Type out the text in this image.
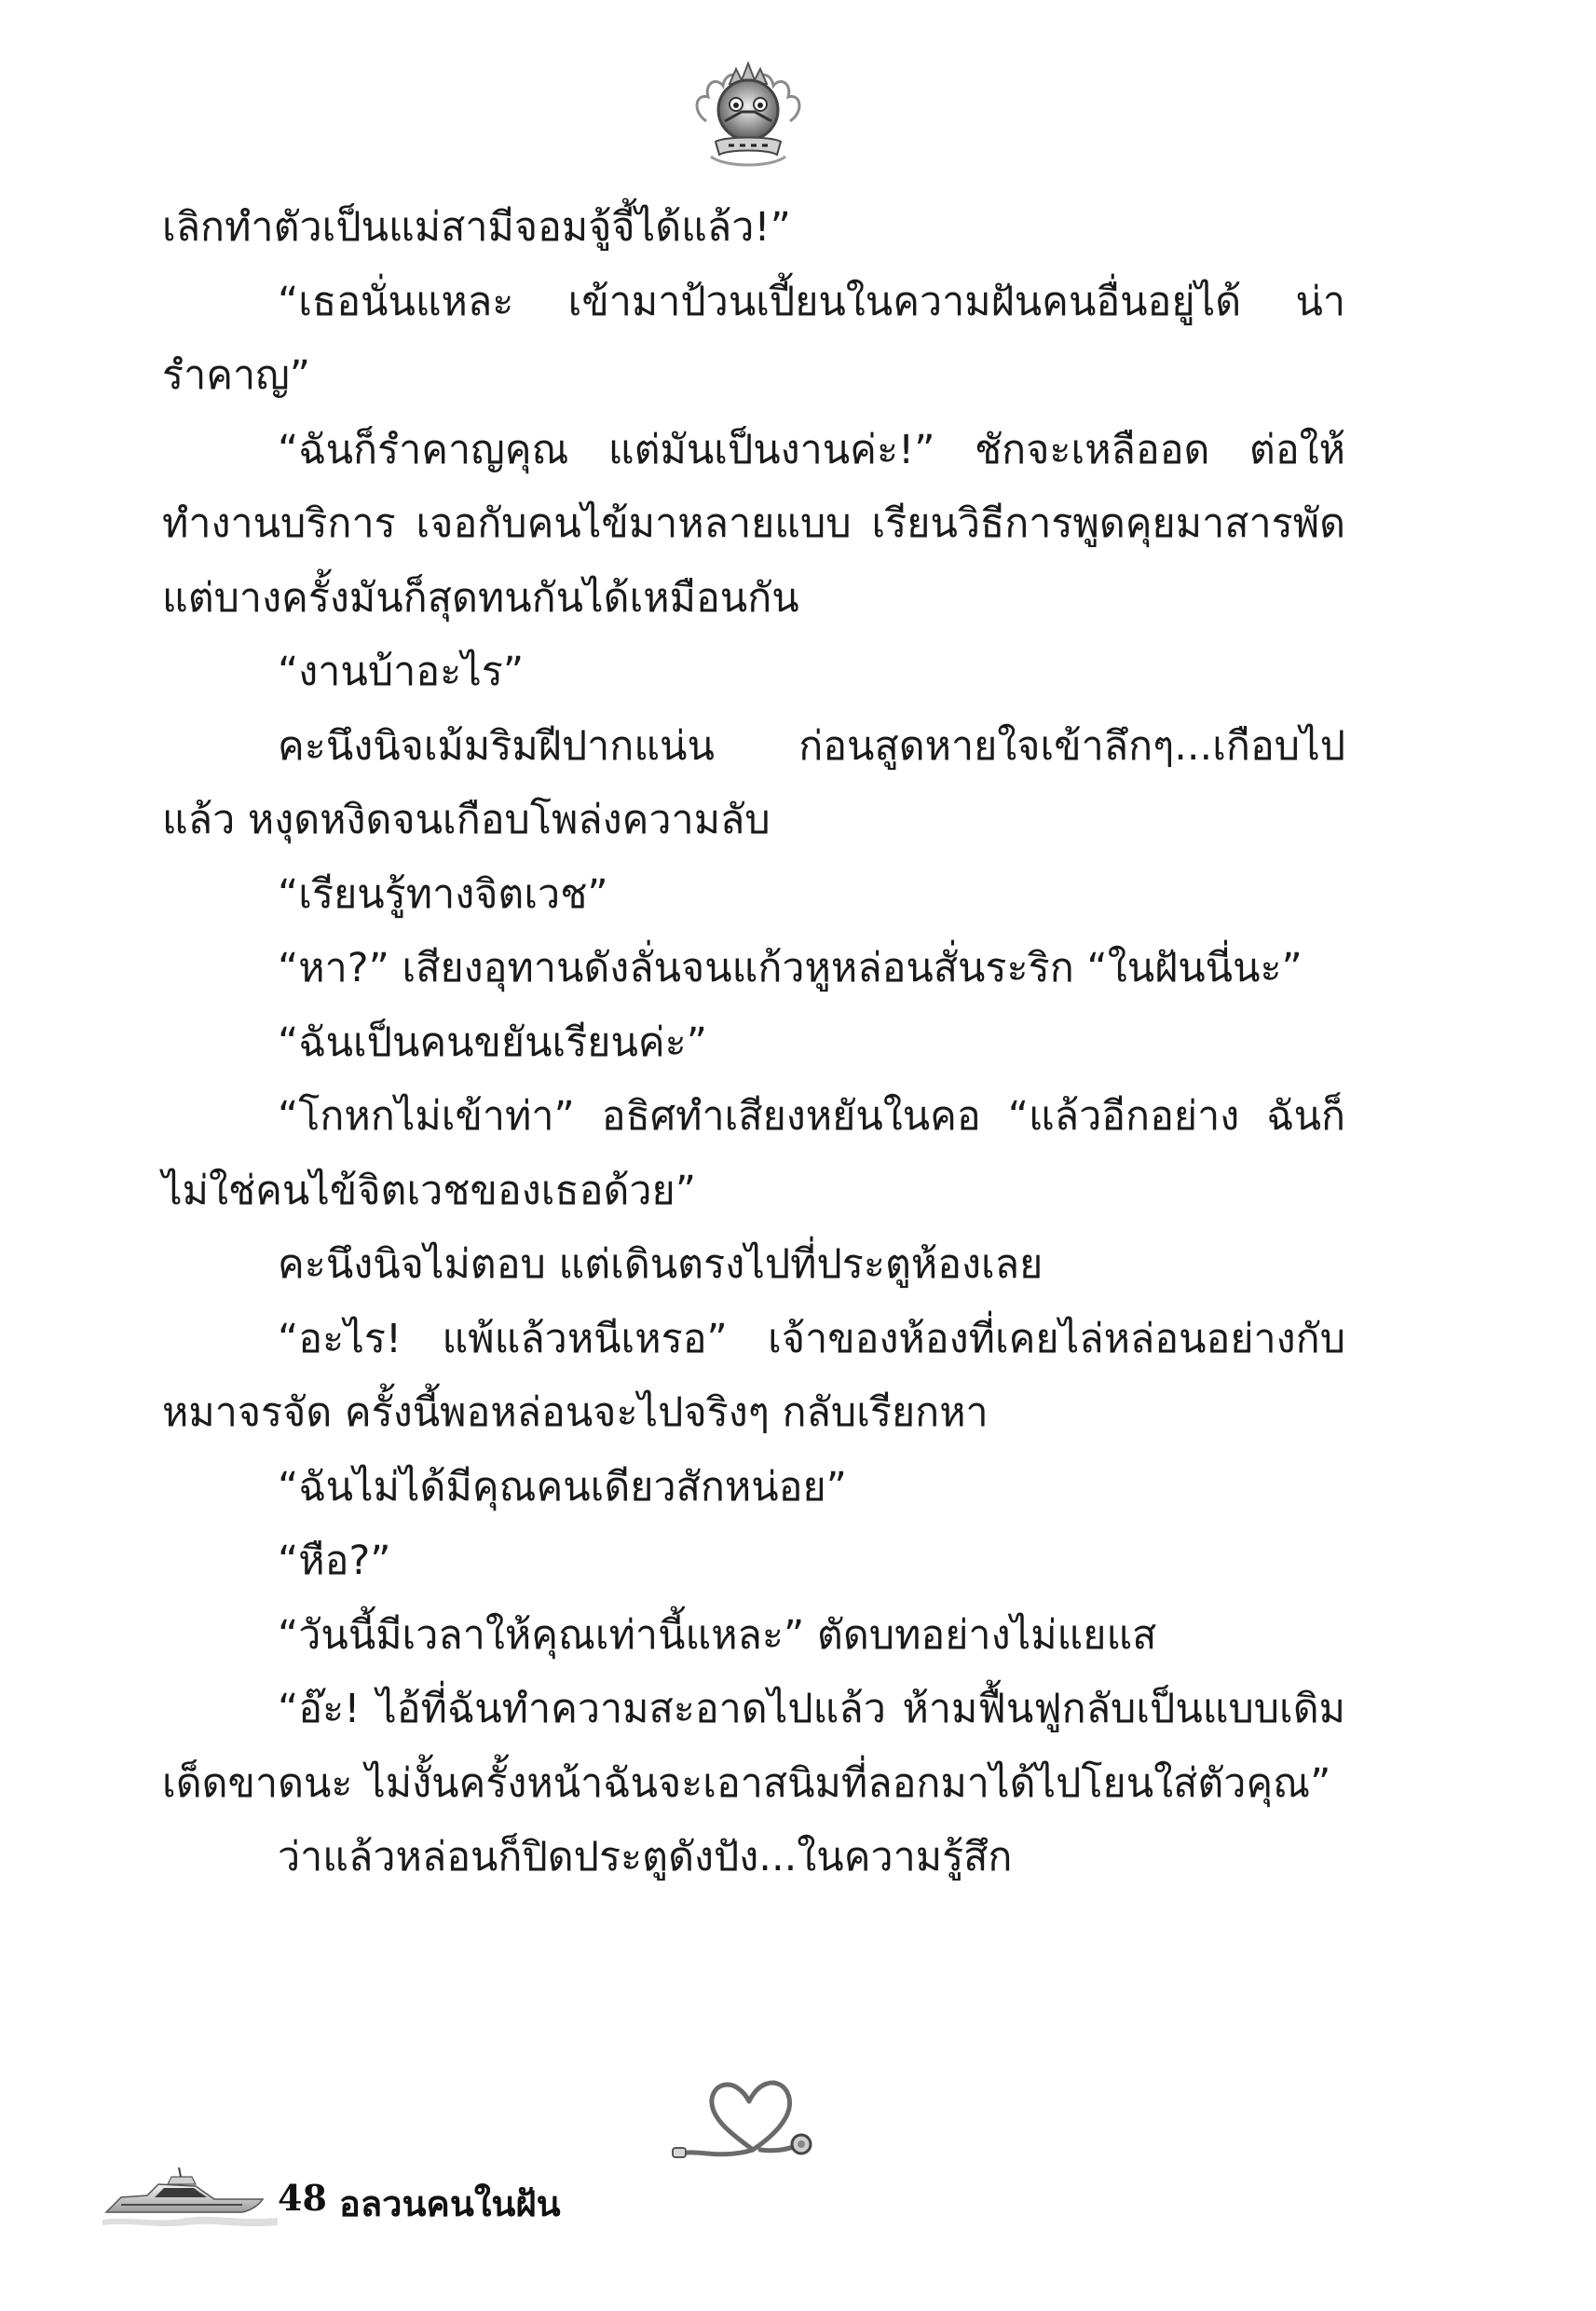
เลิกทำตัวเป็นแม่สามีจอมจู้จี้ได้แล้ว!”

“เธอนั่นแหละ เข้ามาป้วนเปี้ยนในความฝันคนอื่นอยู่ได้ น่ารำคาญ”

“ฉันก็รำคาญคุณ แต่มันเป็นงานค่ะ!” ชักจะเหลืออด ต่อให้ทำงานบริการ เจอกับคนไข้มาหลายแบบ เรียนวิธีการพูดคุยมาสารพัด แต่บางครั้งมันก็สุดทนกันได้เหมือนกัน

“งานบ้าอะไร”

คะนึงนิจเม้มริมฝีปากแน่น ก่อนสูดหายใจเข้าลึกๆ...เกือบไปแล้ว หงุดหงิดจนเกือบโพล่งความลับ

“เรียนรู้ทางจิตเวช”

“หา?” เสียงอุทานดังลั่นจนแก้วหูหล่อนสั่นระริก “ในฝันนี่นะ”

“ฉันเป็นคนขยันเรียนค่ะ”

“โกหกไม่เข้าท่า” อธิศทำเสียงหยันในคอ “แล้วอีกอย่าง ฉันก็ไม่ใช่คนไข้จิตเวชของเธอด้วย”

คะนึงนิจไม่ตอบ แต่เดินตรงไปที่ประตูห้องเลย

“อะไร! แพ้แล้วหนีเหรอ” เจ้าของห้องที่เคยไล่หล่อนอย่างกับหมาจรจัด ครั้งนี้พอหล่อนจะไปจริงๆ กลับเรียกหา

“ฉันไม่ได้มีคุณคนเดียวสักหน่อย”

“หือ?”

“วันนี้มีเวลาให้คุณเท่านี้แหละ” ตัดบทอย่างไม่แยแส

“อ๊ะ! ไอ้ที่ฉันทำความสะอาดไปแล้ว ห้ามฟื้นฟูกลับเป็นแบบเดิมเด็ดขาดนะ ไม่งั้นครั้งหน้าฉันจะเอาสนิมที่ลอกมาได้ไปโยนใส่ตัวคุณ”

ว่าแล้วหล่อนก็ปิดประตูดังปัง...ในความรู้สึก

48 อลวนคนในฝัน
